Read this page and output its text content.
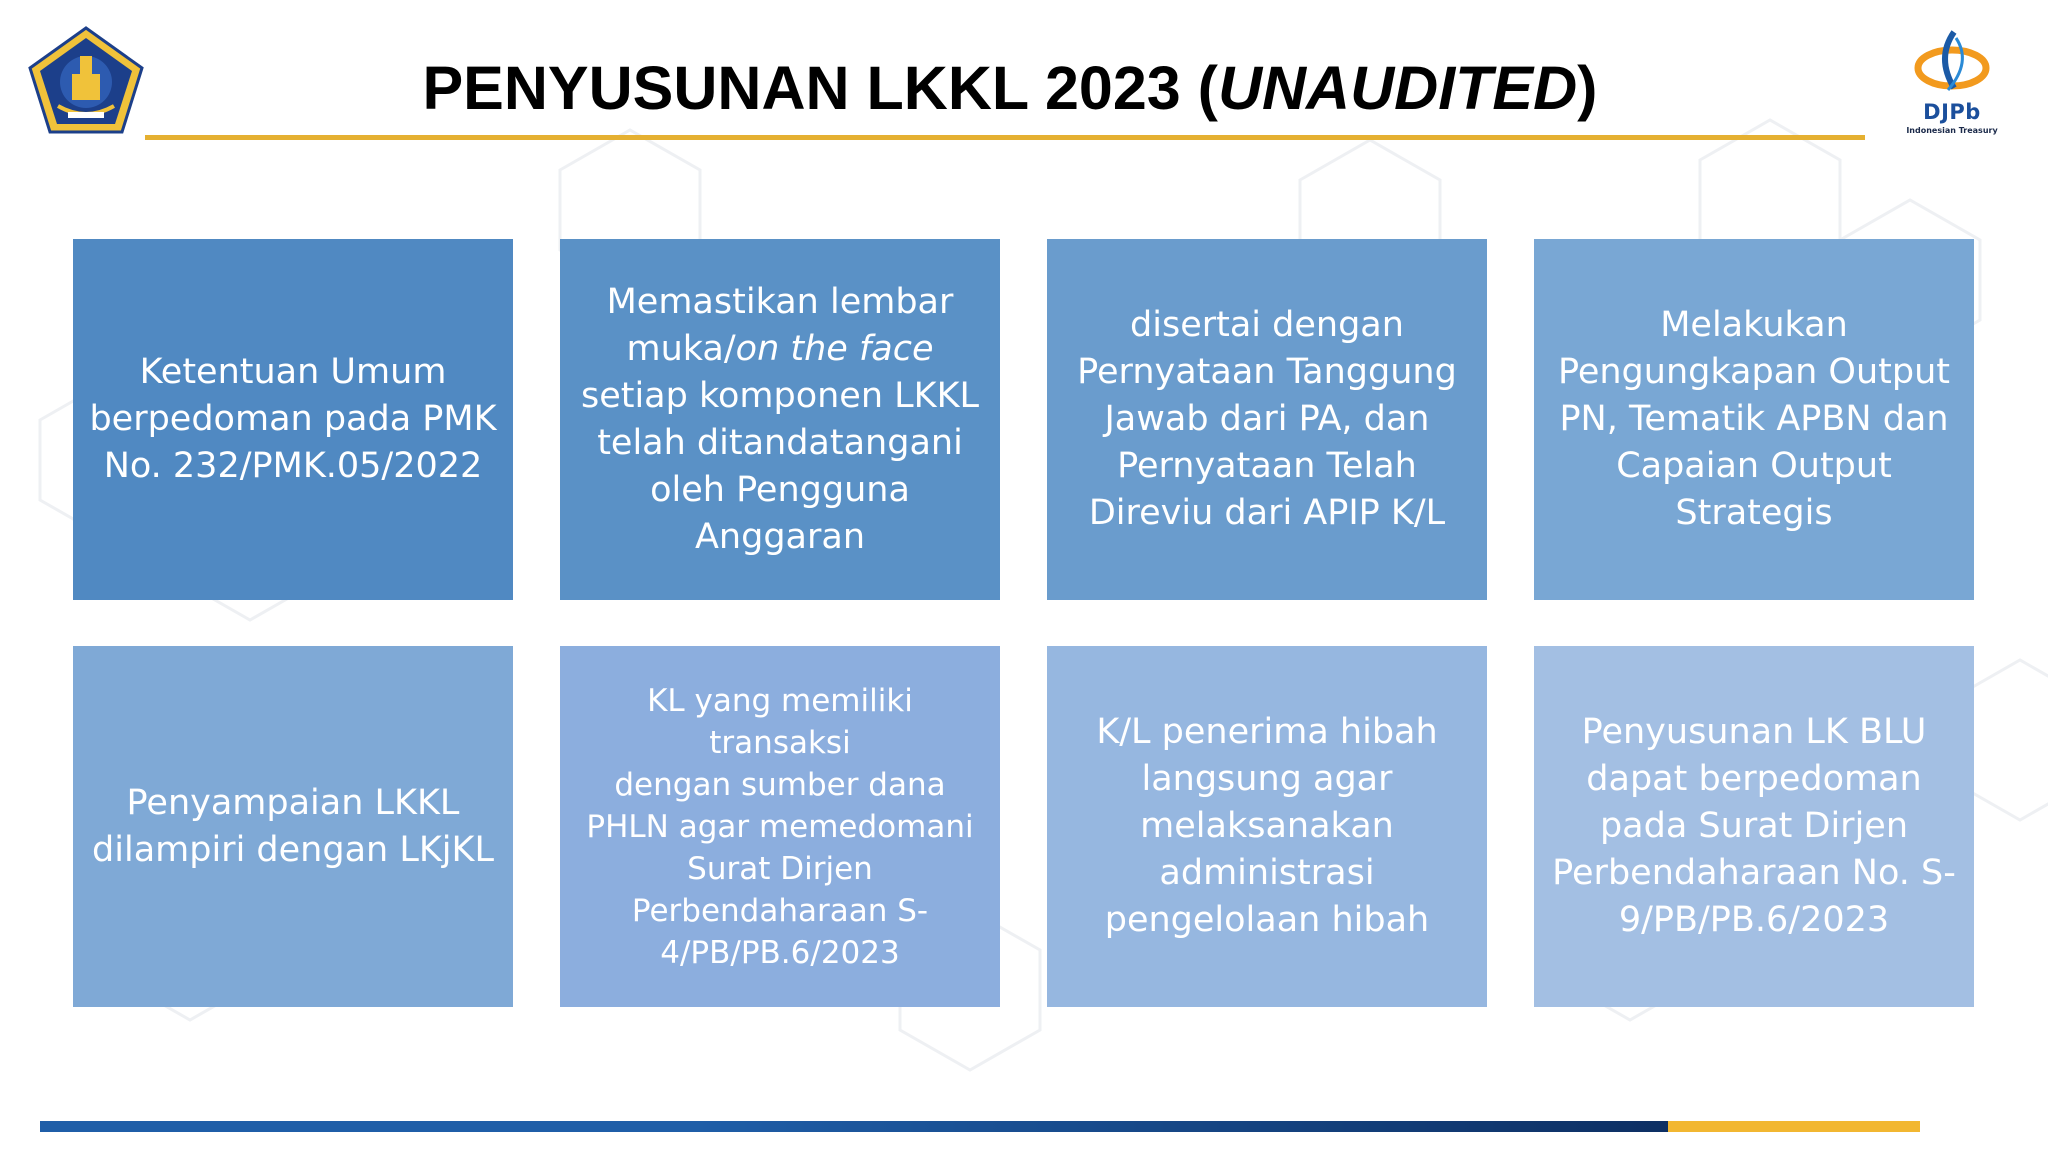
DJPb
Indonesian Treasury
PENYUSUNAN LKKL 2023 (UNAUDITED)
Ketentuan Umum
berpedoman pada PMK
No. 232/PMK.05/2022
Memastikan lembar
muka/on the face
setiap komponen LKKL
telah ditandatangani
oleh Pengguna
Anggaran
disertai dengan
Pernyataan Tanggung
Jawab dari PA, dan
Pernyataan Telah
Direviu dari APIP K/L
Melakukan
Pengungkapan Output
PN, Tematik APBN dan
Capaian Output
Strategis
Penyampaian LKKL
dilampiri dengan LKjKL
KL yang memiliki transaksi
dengan sumber dana
PHLN agar memedomani
Surat Dirjen
Perbendaharaan S-
4/PB/PB.6/2023
K/L penerima hibah
langsung agar
melaksanakan
administrasi
pengelolaan hibah
Penyusunan LK BLU
dapat berpedoman
pada Surat Dirjen
Perbendaharaan No. S-
9/PB/PB.6/2023
